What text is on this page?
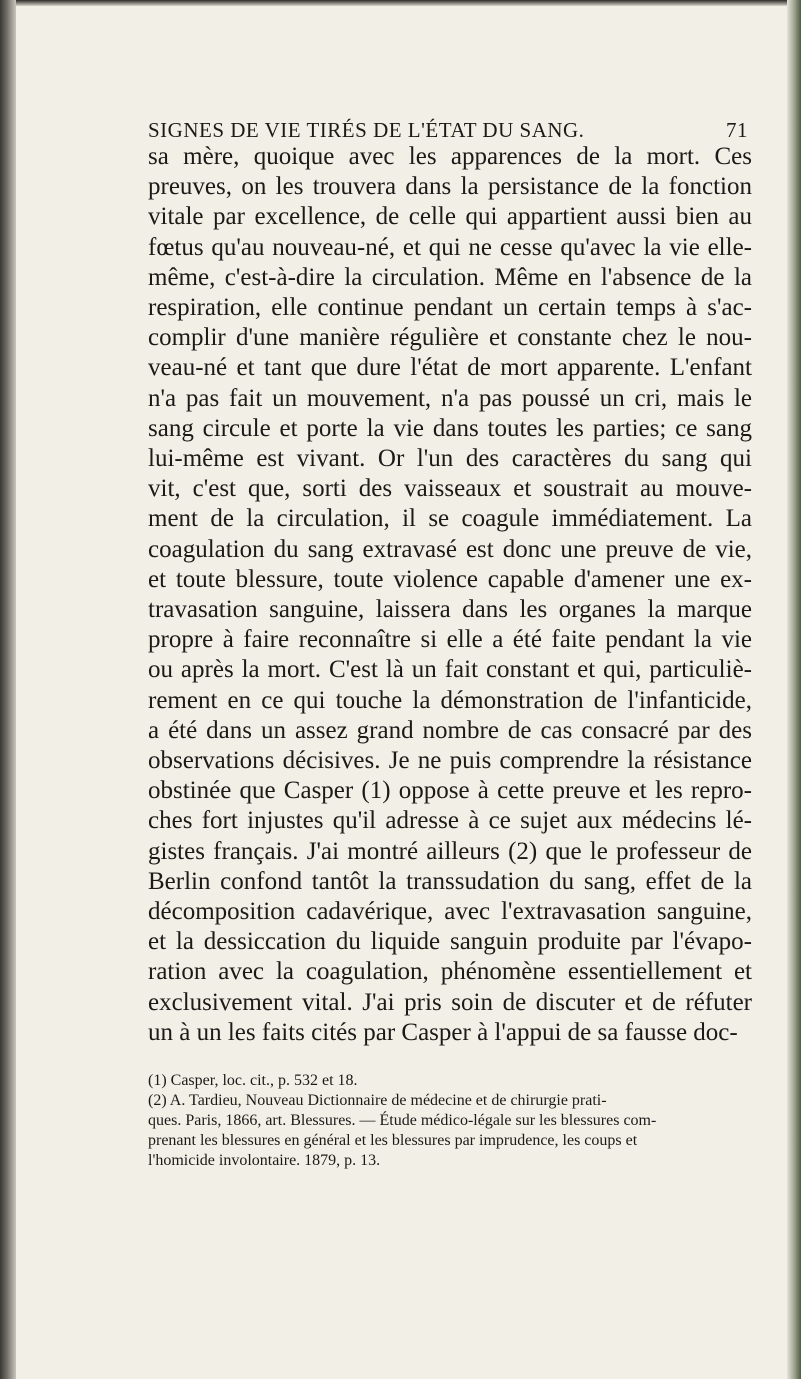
SIGNES DE VIE TIRÉS DE L'ÉTAT DU SANG.	71
sa mère, quoique avec les apparences de la mort. Ces
preuves, on les trouvera dans la persistance de la fonction
vitale par excellence, de celle qui appartient aussi bien au
fœtus qu'au nouveau-né, et qui ne cesse qu'avec la vie elle-
même, c'est-à-dire la circulation. Même en l'absence de la
respiration, elle continue pendant un certain temps à s'ac-
complir d'une manière régulière et constante chez le nou-
veau-né et tant que dure l'état de mort apparente. L'enfant
n'a pas fait un mouvement, n'a pas poussé un cri, mais le
sang circule et porte la vie dans toutes les parties; ce sang
lui-même est vivant. Or l'un des caractères du sang qui
vit, c'est que, sorti des vaisseaux et soustrait au mouve-
ment de la circulation, il se coagule immédiatement. La
coagulation du sang extravasé est donc une preuve de vie,
et toute blessure, toute violence capable d'amener une ex-
travasation sanguine, laissera dans les organes la marque
propre à faire reconnaître si elle a été faite pendant la vie
ou après la mort. C'est là un fait constant et qui, particuliè-
rement en ce qui touche la démonstration de l'infanticide,
a été dans un assez grand nombre de cas consacré par des
observations décisives. Je ne puis comprendre la résistance
obstinée que Casper (1) oppose à cette preuve et les repro-
ches fort injustes qu'il adresse à ce sujet aux médecins lé-
gistes français. J'ai montré ailleurs (2) que le professeur de
Berlin confond tantôt la transsudation du sang, effet de la
décomposition cadavérique, avec l'extravasation sanguine,
et la dessiccation du liquide sanguin produite par l'évapo-
ration avec la coagulation, phénomène essentiellement et
exclusivement vital. J'ai pris soin de discuter et de réfuter
un à un les faits cités par Casper à l'appui de sa fausse doc-
(1) Casper, loc. cit., p. 532 et 18.
(2) A. Tardieu, Nouveau Dictionnaire de médecine et de chirurgie prati-
ques. Paris, 1866, art. Blessures. — Étude médico-légale sur les blessures com-
prenant les blessures en général et les blessures par imprudence, les coups et
l'homicide involontaire. 1879, p. 13.
